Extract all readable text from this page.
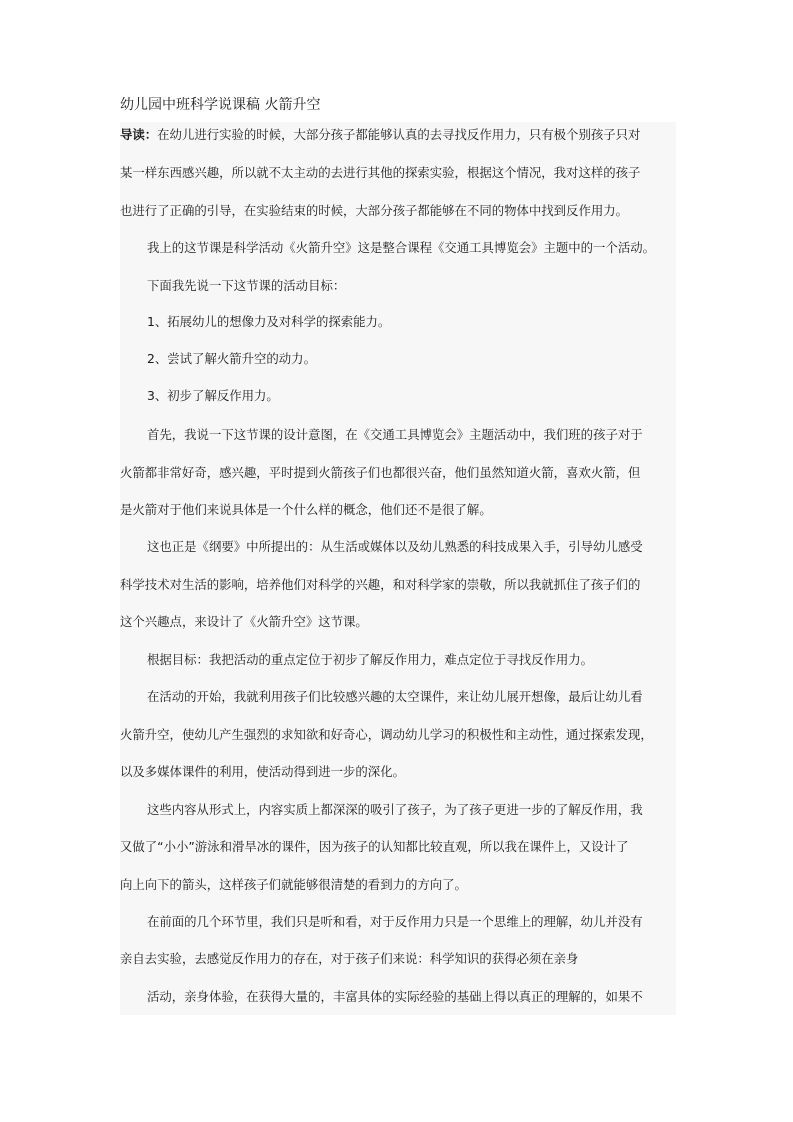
幼儿园中班科学说课稿 火箭升空
导读：在幼儿进行实验的时候，大部分孩子都能够认真的去寻找反作用力，只有极个别孩子只对
某一样东西感兴趣，所以就不太主动的去进行其他的探索实验，根据这个情况，我对这样的孩子
也进行了正确的引导，在实验结束的时候，大部分孩子都能够在不同的物体中找到反作用力。
我上的这节课是科学活动《火箭升空》这是整合课程《交通工具博览会》主题中的一个活动。
下面我先说一下这节课的活动目标：
1、拓展幼儿的想像力及对科学的探索能力。
2、尝试了解火箭升空的动力。
3、初步了解反作用力。
首先，我说一下这节课的设计意图，在《交通工具博览会》主题活动中，我们班的孩子对于
火箭都非常好奇，感兴趣，平时提到火箭孩子们也都很兴奋，他们虽然知道火箭，喜欢火箭，但
是火箭对于他们来说具体是一个什么样的概念，他们还不是很了解。
这也正是《纲要》中所提出的：从生活或媒体以及幼儿熟悉的科技成果入手，引导幼儿感受
科学技术对生活的影响，培养他们对科学的兴趣，和对科学家的崇敬，所以我就抓住了孩子们的
这个兴趣点，来设计了《火箭升空》这节课。
根据目标：我把活动的重点定位于初步了解反作用力，难点定位于寻找反作用力。
在活动的开始，我就利用孩子们比较感兴趣的太空课件，来让幼儿展开想像，最后让幼儿看
火箭升空，使幼儿产生强烈的求知欲和好奇心，调动幼儿学习的积极性和主动性，通过探索发现，
以及多媒体课件的利用，使活动得到进一步的深化。
这些内容从形式上，内容实质上都深深的吸引了孩子，为了孩子更进一步的了解反作用，我
又做了“小小”游泳和滑旱冰的课件，因为孩子的认知都比较直观，所以我在课件上，又设计了
向上向下的箭头，这样孩子们就能够很清楚的看到力的方向了。
在前面的几个环节里，我们只是听和看，对于反作用力只是一个思维上的理解，幼儿并没有
亲自去实验，去感觉反作用力的存在，对于孩子们来说：科学知识的获得必须在亲身
活动，亲身体验，在获得大量的，丰富具体的实际经验的基础上得以真正的理解的，如果不
